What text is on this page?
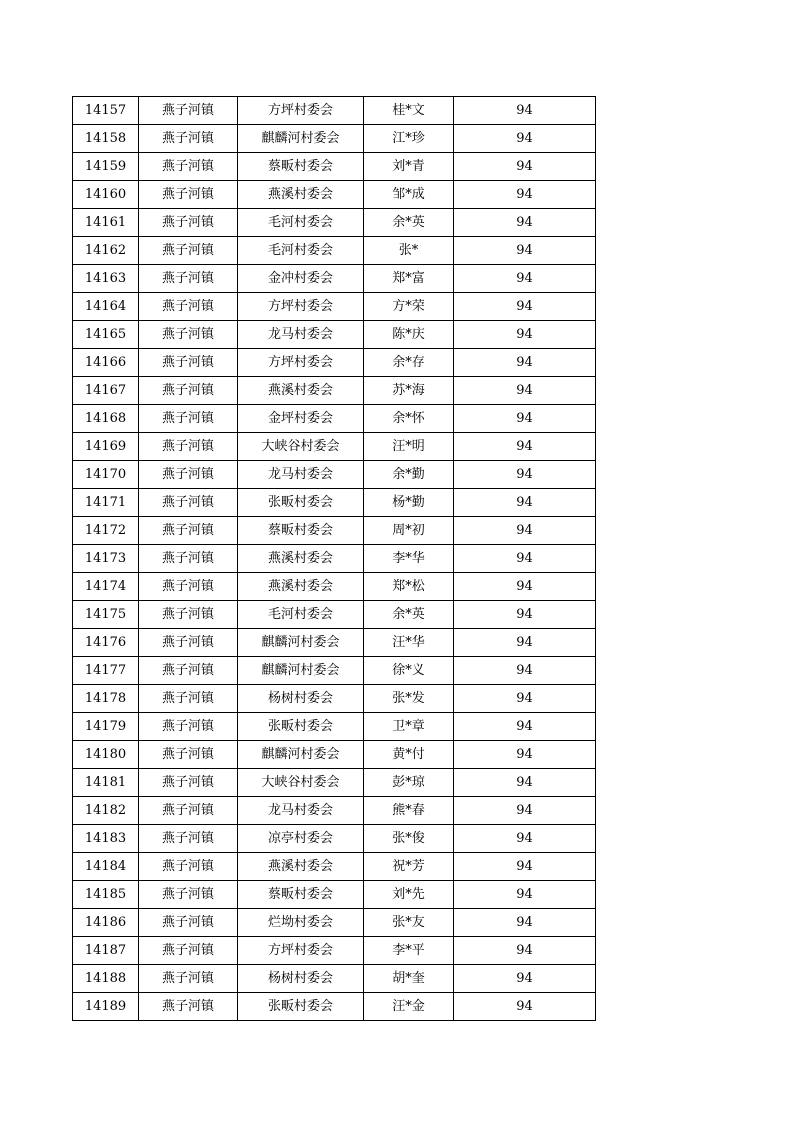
14157	燕子河镇	方坪村委会	桂*文	94
14158	燕子河镇	麒麟河村委会	江*珍	94
14159	燕子河镇	蔡畈村委会	刘*青	94
14160	燕子河镇	燕溪村委会	邹*成	94
14161	燕子河镇	毛河村委会	余*英	94
14162	燕子河镇	毛河村委会	张*	94
14163	燕子河镇	金冲村委会	郑*富	94
14164	燕子河镇	方坪村委会	方*荣	94
14165	燕子河镇	龙马村委会	陈*庆	94
14166	燕子河镇	方坪村委会	余*存	94
14167	燕子河镇	燕溪村委会	苏*海	94
14168	燕子河镇	金坪村委会	余*怀	94
14169	燕子河镇	大峡谷村委会	汪*明	94
14170	燕子河镇	龙马村委会	余*勤	94
14171	燕子河镇	张畈村委会	杨*勤	94
14172	燕子河镇	蔡畈村委会	周*初	94
14173	燕子河镇	燕溪村委会	李*华	94
14174	燕子河镇	燕溪村委会	郑*松	94
14175	燕子河镇	毛河村委会	余*英	94
14176	燕子河镇	麒麟河村委会	汪*华	94
14177	燕子河镇	麒麟河村委会	徐*义	94
14178	燕子河镇	杨树村委会	张*发	94
14179	燕子河镇	张畈村委会	卫*章	94
14180	燕子河镇	麒麟河村委会	黄*付	94
14181	燕子河镇	大峡谷村委会	彭*琼	94
14182	燕子河镇	龙马村委会	熊*春	94
14183	燕子河镇	凉亭村委会	张*俊	94
14184	燕子河镇	燕溪村委会	祝*芳	94
14185	燕子河镇	蔡畈村委会	刘*先	94
14186	燕子河镇	烂坳村委会	张*友	94
14187	燕子河镇	方坪村委会	李*平	94
14188	燕子河镇	杨树村委会	胡*奎	94
14189	燕子河镇	张畈村委会	汪*金	94
